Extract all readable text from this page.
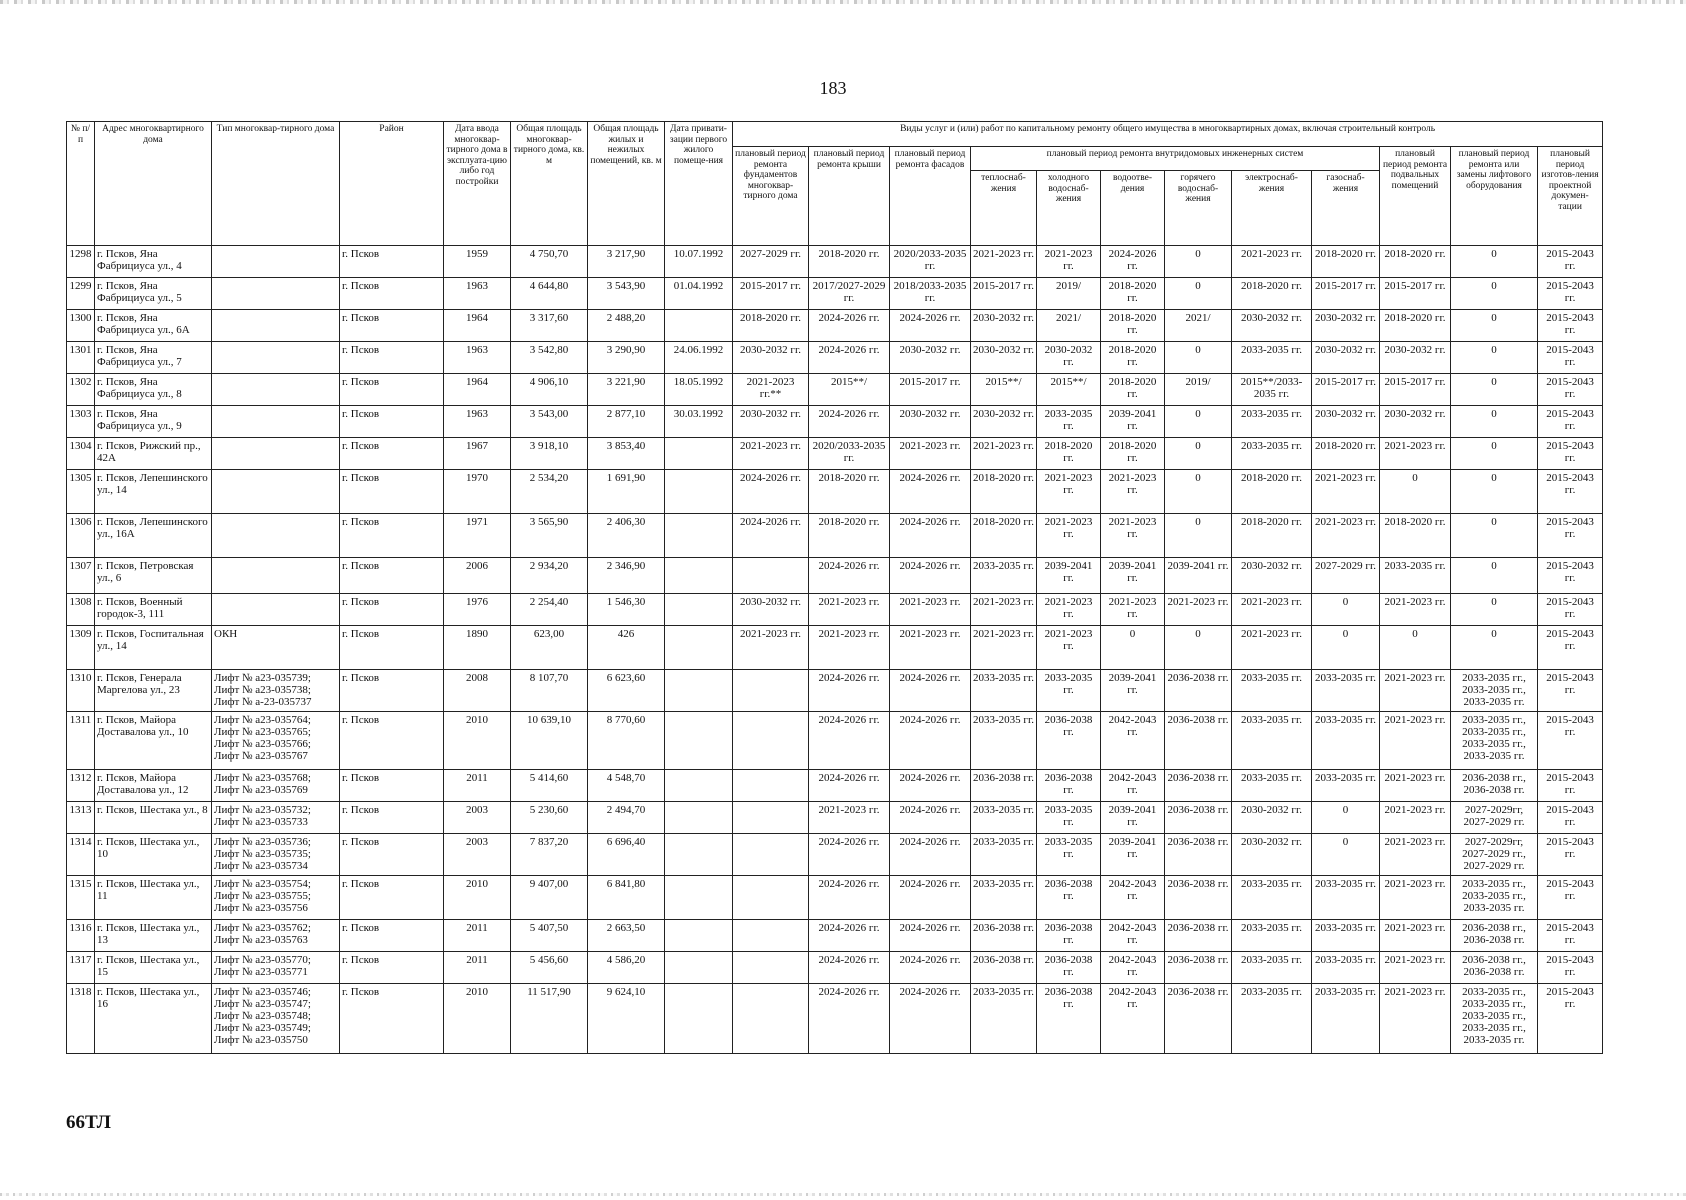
183
№ п/п	Адрес многоквартирного дома	Тип многоквар-тирного дома	Район	Дата ввода многоквар-тирного дома в эксплуата-цию либо год постройки	Общая площадь многоквар-тирного дома, кв. м	Общая площадь жилых и нежилых помещений, кв. м	Дата привати-зации первого жилого помеще-ния	Виды услуг и (или) работ по капитальному ремонту общего имущества в многоквартирных домах, включая строительный контроль											
								плановый период ремонта фундаментов многоквар-тирного дома	плановый период ремонта крыши	плановый период ремонта фасадов	плановый период ремонта внутридомовых инженерных систем						плановый период ремонта подвальных помещений	плановый период ремонта или замены лифтового оборудования	плановый период изготов-ления проектной докумен-тации
											теплоснаб-жения	холодного водоснаб-жения	водоотве-дения	горячего водоснаб-жения	электроснаб-жения	газоснаб-жения			
1298	г. Псков, Яна Фабрициуса ул., 4		г. Псков	1959	4 750,70	3 217,90	10.07.1992	2027-2029 гг.	2018-2020 гг.	2020/2033-2035 гг.	2021-2023 гг.	2021-2023 гг.	2024-2026 гг.	0	2021-2023 гг.	2018-2020 гг.	2018-2020 гг.	0	2015-2043 гг.
1299	г. Псков, Яна Фабрициуса ул., 5		г. Псков	1963	4 644,80	3 543,90	01.04.1992	2015-2017 гг.	2017/2027-2029 гг.	2018/2033-2035 гг.	2015-2017 гг.	2019/	2018-2020 гг.	0	2018-2020 гг.	2015-2017 гг.	2015-2017 гг.	0	2015-2043 гг.
1300	г. Псков, Яна Фабрициуса ул., 6А		г. Псков	1964	3 317,60	2 488,20		2018-2020 гг.	2024-2026 гг.	2024-2026 гг.	2030-2032 гг.	2021/	2018-2020 гг.	2021/	2030-2032 гг.	2030-2032 гг.	2018-2020 гг.	0	2015-2043 гг.
1301	г. Псков, Яна Фабрициуса ул., 7		г. Псков	1963	3 542,80	3 290,90	24.06.1992	2030-2032 гг.	2024-2026 гг.	2030-2032 гг.	2030-2032 гг.	2030-2032 гг.	2018-2020 гг.	0	2033-2035 гг.	2030-2032 гг.	2030-2032 гг.	0	2015-2043 гг.
1302	г. Псков, Яна Фабрициуса ул., 8		г. Псков	1964	4 906,10	3 221,90	18.05.1992	2021-2023 гг.**	2015**/	2015-2017 гг.	2015**/	2015**/	2018-2020 гг.	2019/	2015**/2033-2035 гг.	2015-2017 гг.	2015-2017 гг.	0	2015-2043 гг.
1303	г. Псков, Яна Фабрициуса ул., 9		г. Псков	1963	3 543,00	2 877,10	30.03.1992	2030-2032 гг.	2024-2026 гг.	2030-2032 гг.	2030-2032 гг.	2033-2035 гг.	2039-2041 гг.	0	2033-2035 гг.	2030-2032 гг.	2030-2032 гг.	0	2015-2043 гг.
1304	г. Псков, Рижский пр., 42А		г. Псков	1967	3 918,10	3 853,40		2021-2023 гг.	2020/2033-2035 гг.	2021-2023 гг.	2021-2023 гг.	2018-2020 гг.	2018-2020 гг.	0	2033-2035 гг.	2018-2020 гг.	2021-2023 гг.	0	2015-2043 гг.
1305	г. Псков, Лепешинского ул., 14		г. Псков	1970	2 534,20	1 691,90		2024-2026 гг.	2018-2020 гг.	2024-2026 гг.	2018-2020 гг.	2021-2023 гг.	2021-2023 гг.	0	2018-2020 гг.	2021-2023 гг.	0	0	2015-2043 гг.
1306	г. Псков, Лепешинского ул., 16А		г. Псков	1971	3 565,90	2 406,30		2024-2026 гг.	2018-2020 гг.	2024-2026 гг.	2018-2020 гг.	2021-2023 гг.	2021-2023 гг.	0	2018-2020 гг.	2021-2023 гг.	2018-2020 гг.	0	2015-2043 гг.
1307	г. Псков, Петровская ул., 6		г. Псков	2006	2 934,20	2 346,90			2024-2026 гг.	2024-2026 гг.	2033-2035 гг.	2039-2041 гг.	2039-2041 гг.	2039-2041 гг.	2030-2032 гг.	2027-2029 гг.	2033-2035 гг.	0	2015-2043 гг.
1308	г. Псков, Военный городок-3, 111		г. Псков	1976	2 254,40	1 546,30		2030-2032 гг.	2021-2023 гг.	2021-2023 гг.	2021-2023 гг.	2021-2023 гг.	2021-2023 гг.	2021-2023 гг.	2021-2023 гг.	0	2021-2023 гг.	0	2015-2043 гг.
1309	г. Псков, Госпитальная ул., 14	ОКН	г. Псков	1890	623,00	426		2021-2023 гг.	2021-2023 гг.	2021-2023 гг.	2021-2023 гг.	2021-2023 гг.	0	0	2021-2023 гг.	0	0	0	2015-2043 гг.
1310	г. Псков, Генерала Маргелова ул., 23	Лифт № а23-035739; Лифт № а23-035738; Лифт № а-23-035737	г. Псков	2008	8 107,70	6 623,60			2024-2026 гг.	2024-2026 гг.	2033-2035 гг.	2033-2035 гг.	2039-2041 гг.	2036-2038 гг.	2033-2035 гг.	2033-2035 гг.	2021-2023 гг.	2033-2035 гг., 2033-2035 гг., 2033-2035 гг.	2015-2043 гг.
1311	г. Псков, Майора Доставалова ул., 10	Лифт № а23-035764; Лифт № а23-035765; Лифт № а23-035766; Лифт № а23-035767	г. Псков	2010	10 639,10	8 770,60			2024-2026 гг.	2024-2026 гг.	2033-2035 гг.	2036-2038 гг.	2042-2043 гг.	2036-2038 гг.	2033-2035 гг.	2033-2035 гг.	2021-2023 гг.	2033-2035 гг., 2033-2035 гг., 2033-2035 гг., 2033-2035 гг.	2015-2043 гг.
1312	г. Псков, Майора Доставалова ул., 12	Лифт № а23-035768; Лифт № а23-035769	г. Псков	2011	5 414,60	4 548,70			2024-2026 гг.	2024-2026 гг.	2036-2038 гг.	2036-2038 гг.	2042-2043 гг.	2036-2038 гг.	2033-2035 гг.	2033-2035 гг.	2021-2023 гг.	2036-2038 гг., 2036-2038 гг.	2015-2043 гг.
1313	г. Псков, Шестака ул., 8	Лифт № а23-035732; Лифт № а23-035733	г. Псков	2003	5 230,60	2 494,70			2021-2023 гг.	2024-2026 гг.	2033-2035 гг.	2033-2035 гг.	2039-2041 гг.	2036-2038 гг.	2030-2032 гг.	0	2021-2023 гг.	2027-2029гг, 2027-2029 гг.	2015-2043 гг.
1314	г. Псков, Шестака ул., 10	Лифт № а23-035736; Лифт № а23-035735; Лифт № а23-035734	г. Псков	2003	7 837,20	6 696,40			2024-2026 гг.	2024-2026 гг.	2033-2035 гг.	2033-2035 гг.	2039-2041 гг.	2036-2038 гг.	2030-2032 гг.	0	2021-2023 гг.	2027-2029гг, 2027-2029 гг., 2027-2029 гг.	2015-2043 гг.
1315	г. Псков, Шестака ул., 11	Лифт № а23-035754; Лифт № а23-035755; Лифт № а23-035756	г. Псков	2010	9 407,00	6 841,80			2024-2026 гг.	2024-2026 гг.	2033-2035 гг.	2036-2038 гг.	2042-2043 гг.	2036-2038 гг.	2033-2035 гг.	2033-2035 гг.	2021-2023 гг.	2033-2035 гг., 2033-2035 гг., 2033-2035 гг.	2015-2043 гг.
1316	г. Псков, Шестака ул., 13	Лифт № а23-035762; Лифт № а23-035763	г. Псков	2011	5 407,50	2 663,50			2024-2026 гг.	2024-2026 гг.	2036-2038 гг.	2036-2038 гг.	2042-2043 гг.	2036-2038 гг.	2033-2035 гг.	2033-2035 гг.	2021-2023 гг.	2036-2038 гг., 2036-2038 гг.	2015-2043 гг.
1317	г. Псков, Шестака ул., 15	Лифт № а23-035770; Лифт № а23-035771	г. Псков	2011	5 456,60	4 586,20			2024-2026 гг.	2024-2026 гг.	2036-2038 гг.	2036-2038 гг.	2042-2043 гг.	2036-2038 гг.	2033-2035 гг.	2033-2035 гг.	2021-2023 гг.	2036-2038 гг., 2036-2038 гг.	2015-2043 гг.
1318	г. Псков, Шестака ул., 16	Лифт № а23-035746; Лифт № а23-035747; Лифт № а23-035748; Лифт № а23-035749; Лифт № а23-035750	г. Псков	2010	11 517,90	9 624,10			2024-2026 гг.	2024-2026 гг.	2033-2035 гг.	2036-2038 гг.	2042-2043 гг.	2036-2038 гг.	2033-2035 гг.	2033-2035 гг.	2021-2023 гг.	2033-2035 гг., 2033-2035 гг., 2033-2035 гг., 2033-2035 гг., 2033-2035 гг.	2015-2043 гг.
66ТЛ
